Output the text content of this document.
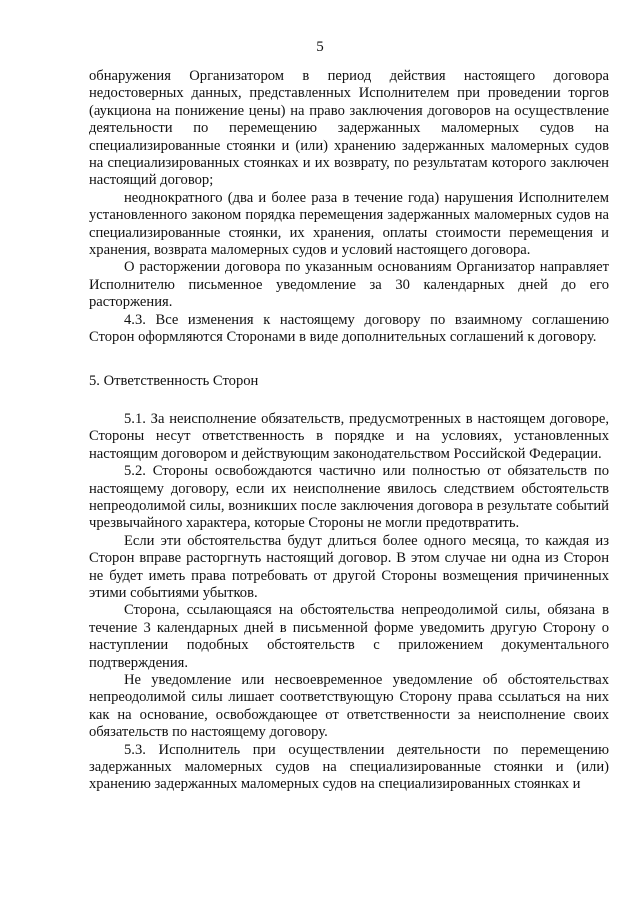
5

обнаружения Организатором в период действия настоящего договора недостоверных данных, представленных Исполнителем при проведении торгов (аукциона на понижение цены) на право заключения договоров на осуществление деятельности по перемещению задержанных маломерных судов на специализированные стоянки и (или) хранению задержанных маломерных судов на специализированных стоянках и их возврату, по результатам которого заключен настоящий договор;

неоднократного (два и более раза в течение года) нарушения Исполнителем установленного законом порядка перемещения задержанных маломерных судов на специализированные стоянки, их хранения, оплаты стоимости перемещения и хранения, возврата маломерных судов и условий настоящего договора.

О расторжении договора по указанным основаниям Организатор направляет Исполнителю письменное уведомление за 30 календарных дней до его расторжения.

4.3. Все изменения к настоящему договору по взаимному соглашению Сторон оформляются Сторонами в виде дополнительных соглашений к договору.

5. Ответственность Сторон

5.1. За неисполнение обязательств, предусмотренных в настоящем договоре, Стороны несут ответственность в порядке и на условиях, установленных настоящим договором и действующим законодательством Российской Федерации.

5.2. Стороны освобождаются частично или полностью от обязательств по настоящему договору, если их неисполнение явилось следствием обстоятельств непреодолимой силы, возникших после заключения договора в результате событий чрезвычайного характера, которые Стороны не могли предотвратить.

Если эти обстоятельства будут длиться более одного месяца, то каждая из Сторон вправе расторгнуть настоящий договор. В этом случае ни одна из Сторон не будет иметь права потребовать от другой Стороны возмещения причиненных этими событиями убытков.

Сторона, ссылающаяся на обстоятельства непреодолимой силы, обязана в течение 3 календарных дней в письменной форме уведомить другую Сторону о наступлении подобных обстоятельств с приложением документального подтверждения.

Не уведомление или несвоевременное уведомление об обстоятельствах непреодолимой силы лишает соответствующую Сторону права ссылаться на них как на основание, освобождающее от ответственности за неисполнение своих обязательств по настоящему договору.

5.3. Исполнитель при осуществлении деятельности по перемещению задержанных маломерных судов на специализированные стоянки и (или) хранению задержанных маломерных судов на специализированных стоянках и
